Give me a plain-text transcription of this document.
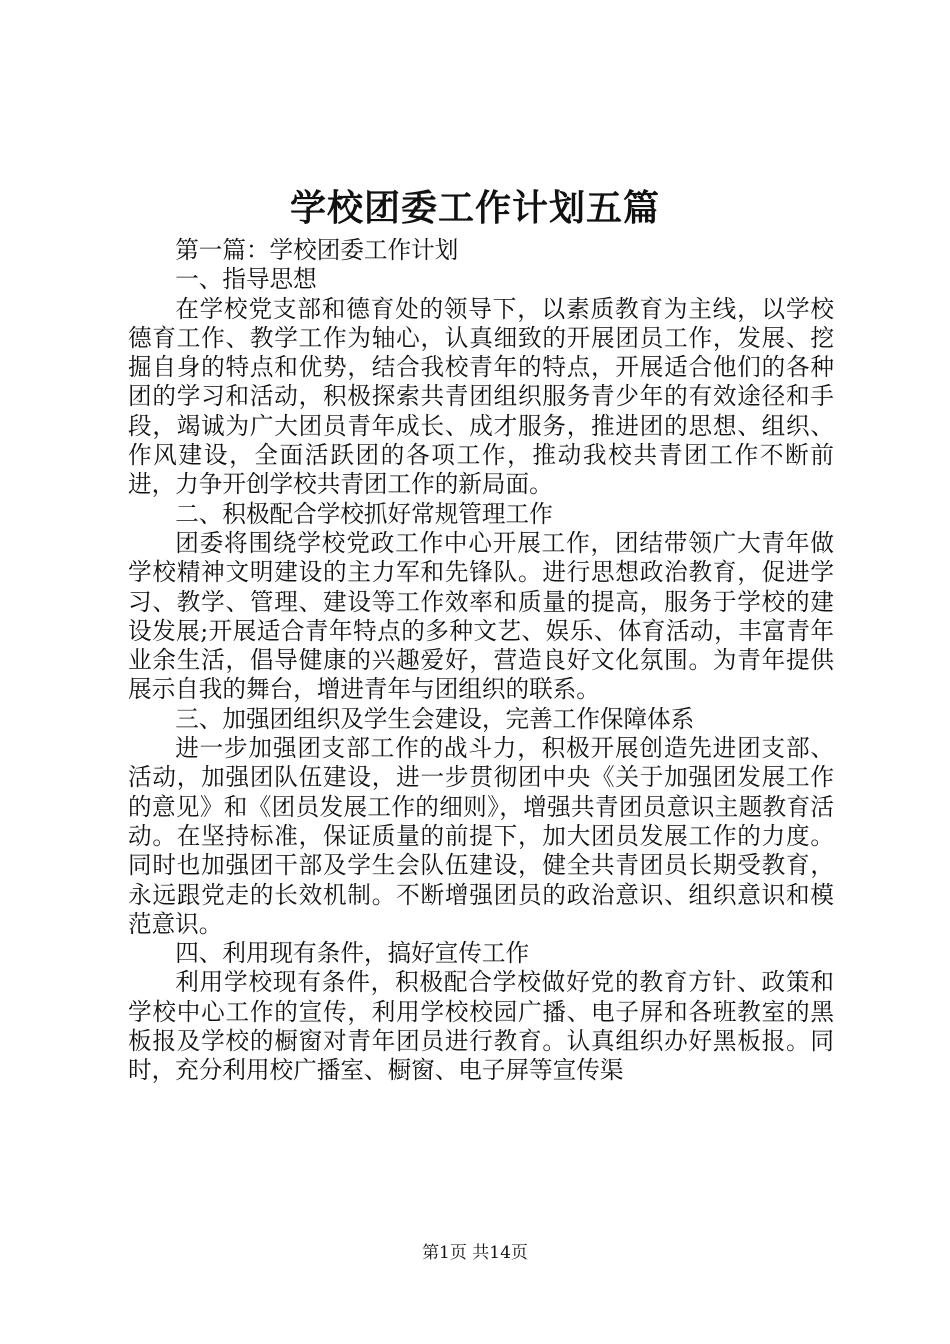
学校团委工作计划五篇

第一篇：学校团委工作计划

一、指导思想

在学校党支部和德育处的领导下，以素质教育为主线，以学校德育工作、教学工作为轴心，认真细致的开展团员工作，发展、挖掘自身的特点和优势，结合我校青年的特点，开展适合他们的各种团的学习和活动，积极探索共青团组织服务青少年的有效途径和手段，竭诚为广大团员青年成长、成才服务，推进团的思想、组织、作风建设，全面活跃团的各项工作，推动我校共青团工作不断前进，力争开创学校共青团工作的新局面。

二、积极配合学校抓好常规管理工作

团委将围绕学校党政工作中心开展工作，团结带领广大青年做学校精神文明建设的主力军和先锋队。进行思想政治教育，促进学习、教学、管理、建设等工作效率和质量的提高，服务于学校的建设发展;开展适合青年特点的多种文艺、娱乐、体育活动，丰富青年业余生活，倡导健康的兴趣爱好，营造良好文化氛围。为青年提供展示自我的舞台，增进青年与团组织的联系。

三、加强团组织及学生会建设，完善工作保障体系

进一步加强团支部工作的战斗力，积极开展创造先进团支部、活动，加强团队伍建设，进一步贯彻团中央《关于加强团发展工作的意见》和《团员发展工作的细则》，增强共青团员意识主题教育活动。在坚持标准，保证质量的前提下，加大团员发展工作的力度。同时也加强团干部及学生会队伍建设，健全共青团员长期受教育，永远跟党走的长效机制。不断增强团员的政治意识、组织意识和模范意识。

四、利用现有条件，搞好宣传工作

利用学校现有条件，积极配合学校做好党的教育方针、政策和学校中心工作的宣传，利用学校校园广播、电子屏和各班教室的黑板报及学校的橱窗对青年团员进行教育。认真组织办好黑板报。同时，充分利用校广播室、橱窗、电子屏等宣传渠

第1页 共14页
